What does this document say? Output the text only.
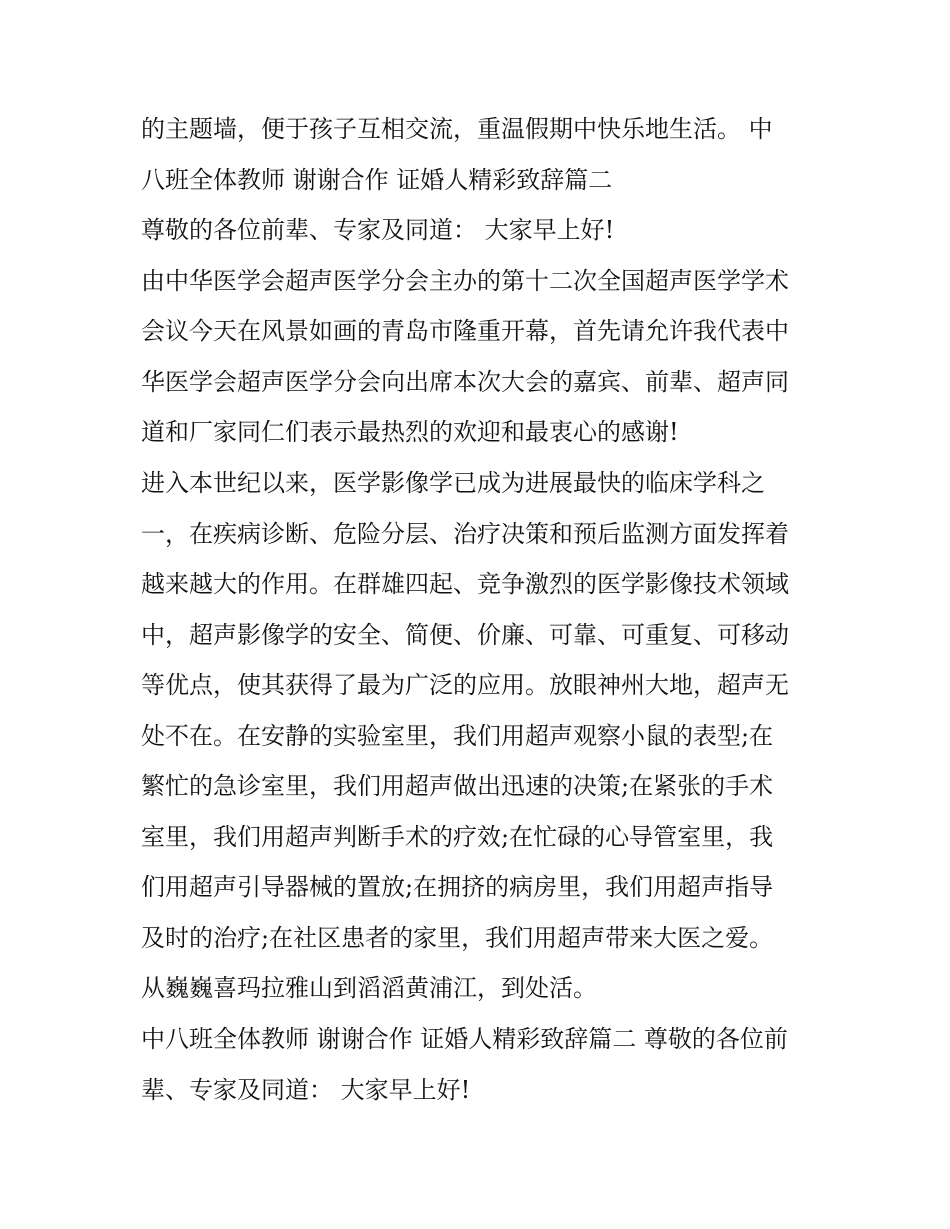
的主题墙，便于孩子互相交流，重温假期中快乐地生活。 中
八班全体教师 谢谢合作 证婚人精彩致辞篇二
尊敬的各位前辈、专家及同道： 大家早上好!
由中华医学会超声医学分会主办的第十二次全国超声医学学术
会议今天在风景如画的青岛市隆重开幕，首先请允许我代表中
华医学会超声医学分会向出席本次大会的嘉宾、前辈、超声同
道和厂家同仁们表示最热烈的欢迎和最衷心的感谢!
进入本世纪以来，医学影像学已成为进展最快的临床学科之
一，在疾病诊断、危险分层、治疗决策和预后监测方面发挥着
越来越大的作用。在群雄四起、竞争激烈的医学影像技术领域
中，超声影像学的安全、简便、价廉、可靠、可重复、可移动
等优点，使其获得了最为广泛的应用。放眼神州大地，超声无
处不在。在安静的实验室里，我们用超声观察小鼠的表型;在
繁忙的急诊室里，我们用超声做出迅速的决策;在紧张的手术
室里，我们用超声判断手术的疗效;在忙碌的心导管室里，我
们用超声引导器械的置放;在拥挤的病房里，我们用超声指导
及时的治疗;在社区患者的家里，我们用超声带来大医之爱。
从巍巍喜玛拉雅山到滔滔黄浦江，到处活。
中八班全体教师 谢谢合作 证婚人精彩致辞篇二 尊敬的各位前
辈、专家及同道： 大家早上好!
